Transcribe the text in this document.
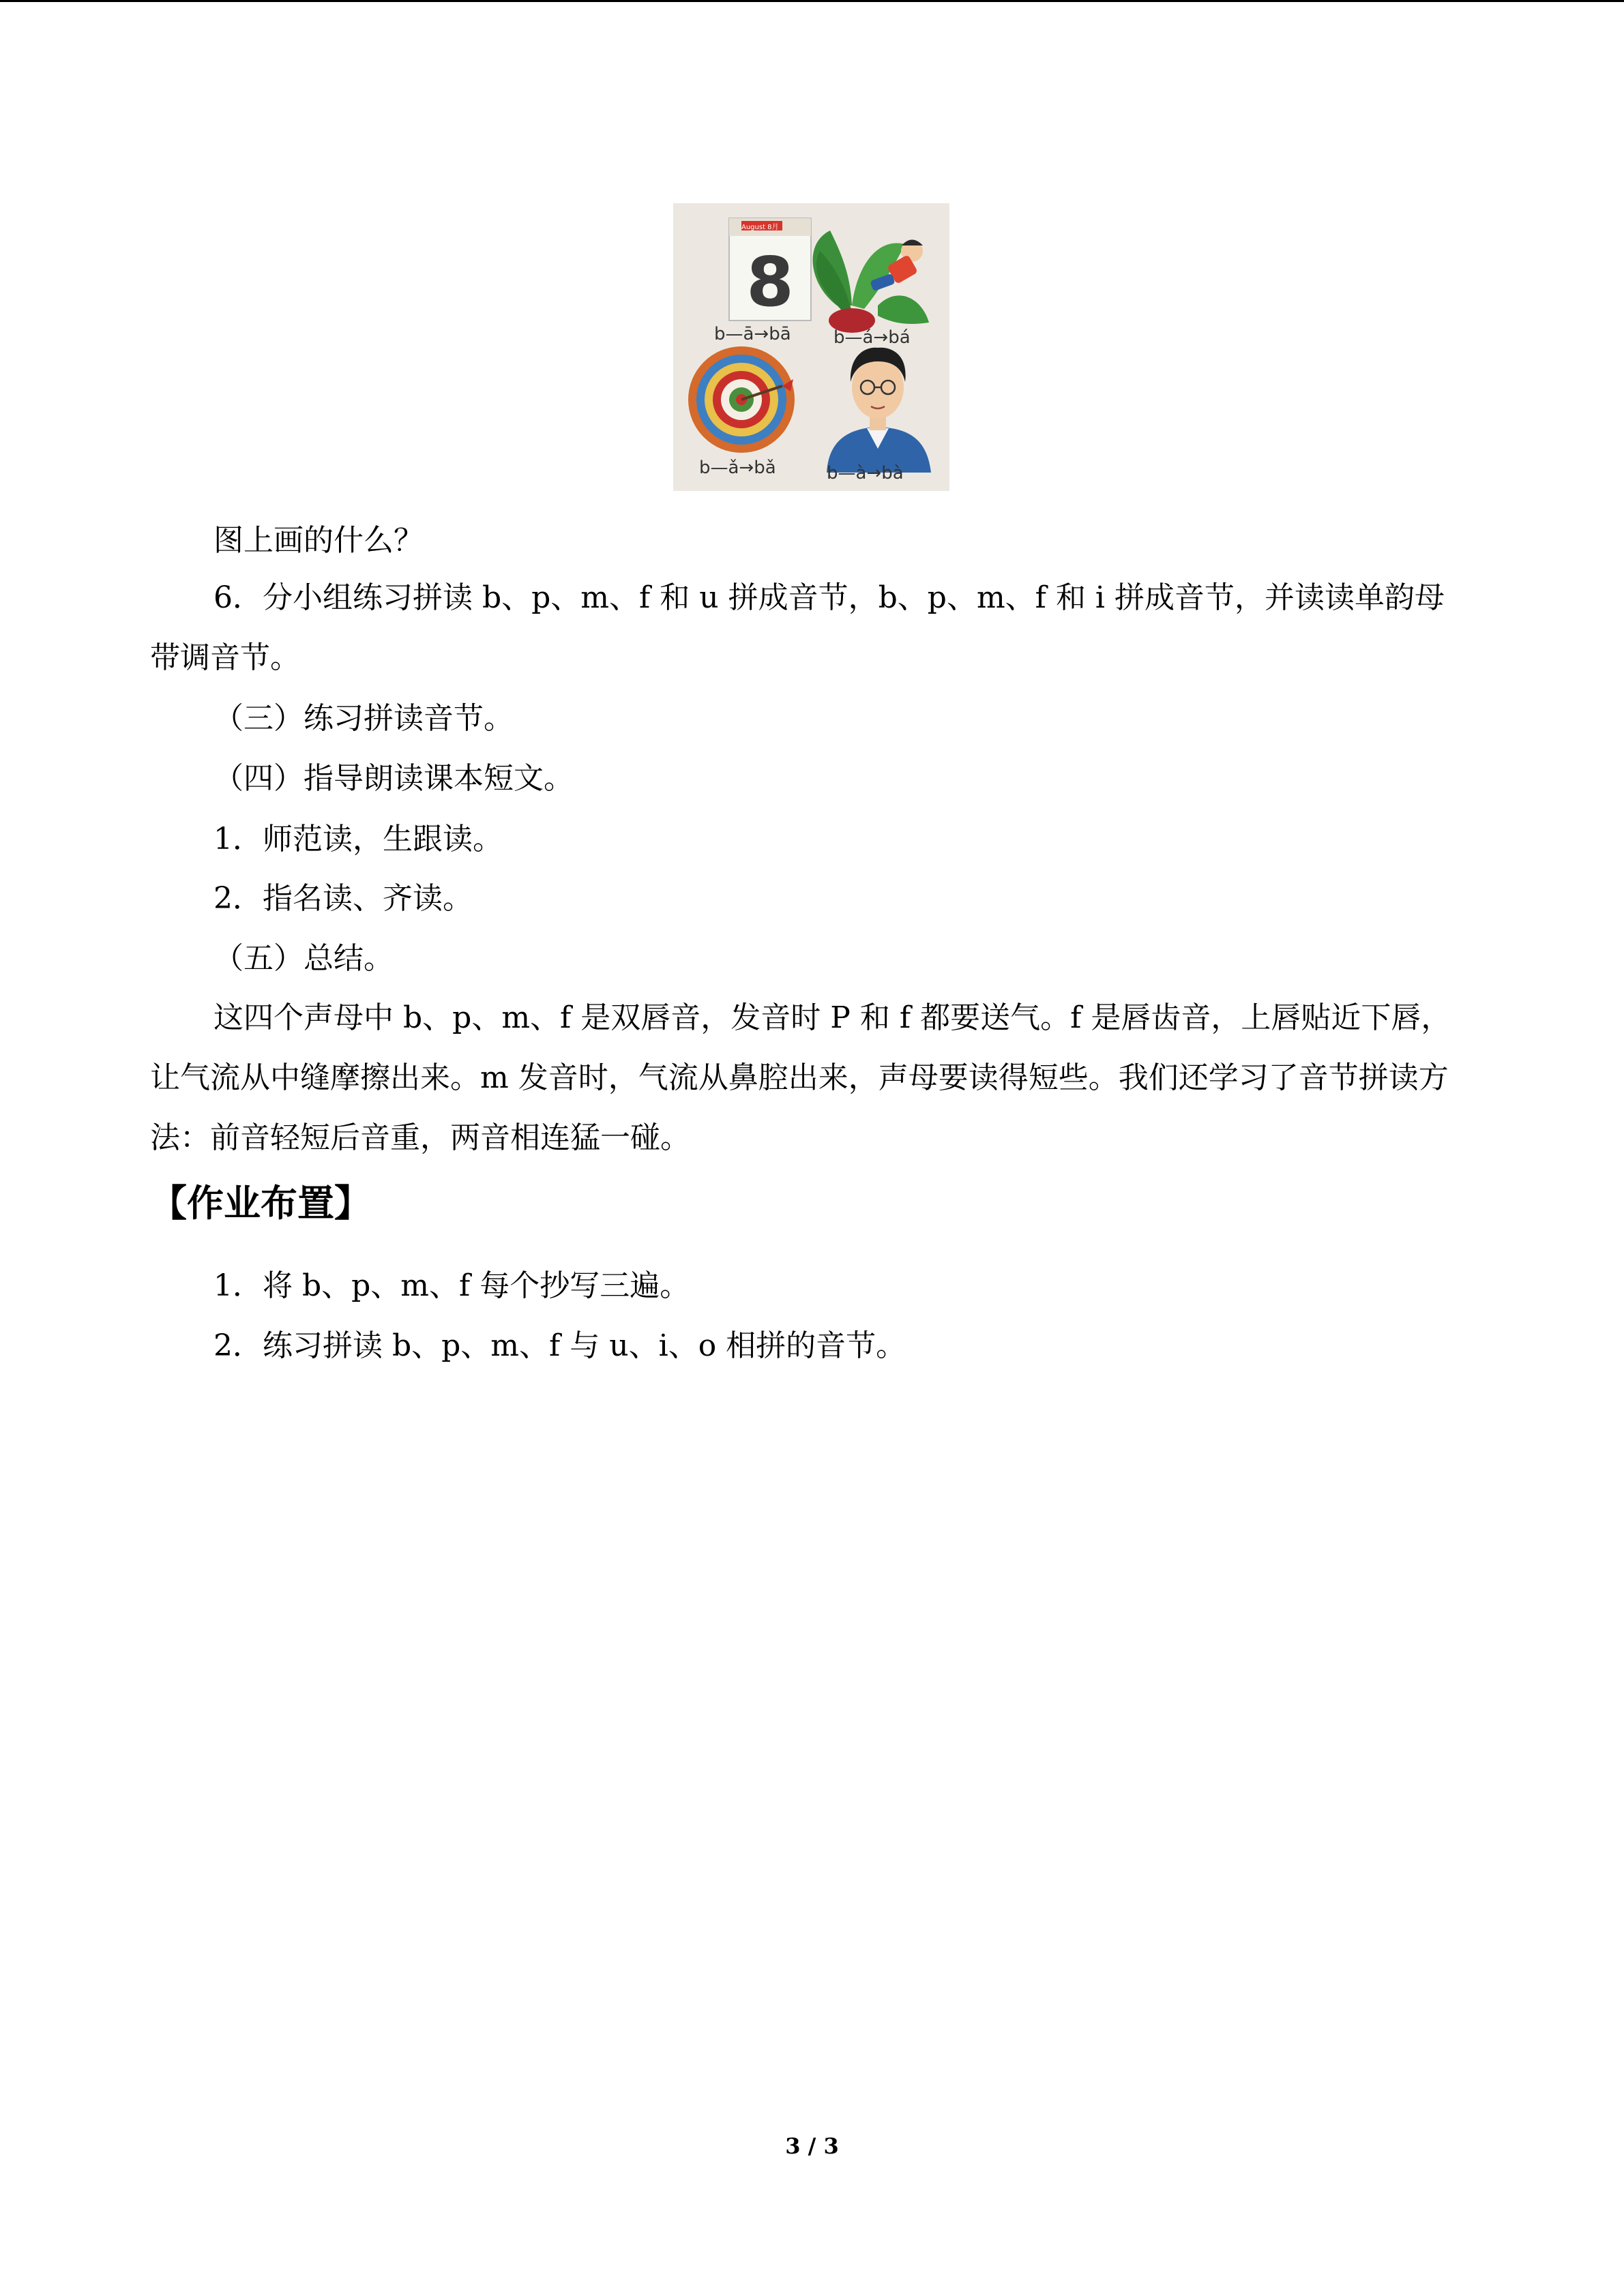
August 8月
8
b—ā→bā b—á→bá
b—ǎ→bǎ	b—à→bà

图上画的什么？

6．分小组练习拼读 b、p、m、f 和 u 拼成音节，b、p、m、f 和 i 拼成音节，并读读单韵母带调音节。

（三）练习拼读音节。

（四）指导朗读课本短文。

1．师范读，生跟读。

2．指名读、齐读。

（五）总结。

这四个声母中 b、p、m、f 是双唇音，发音时 P 和 f 都要送气。f 是唇齿音，上唇贴近下唇，让气流从中缝摩擦出来。m 发音时，气流从鼻腔出来，声母要读得短些。我们还学习了音节拼读方法：前音轻短后音重，两音相连猛一碰。

【作业布置】

1．将 b、p、m、f 每个抄写三遍。

2．练习拼读 b、p、m、f 与 u、i、o 相拼的音节。

3 / 3
